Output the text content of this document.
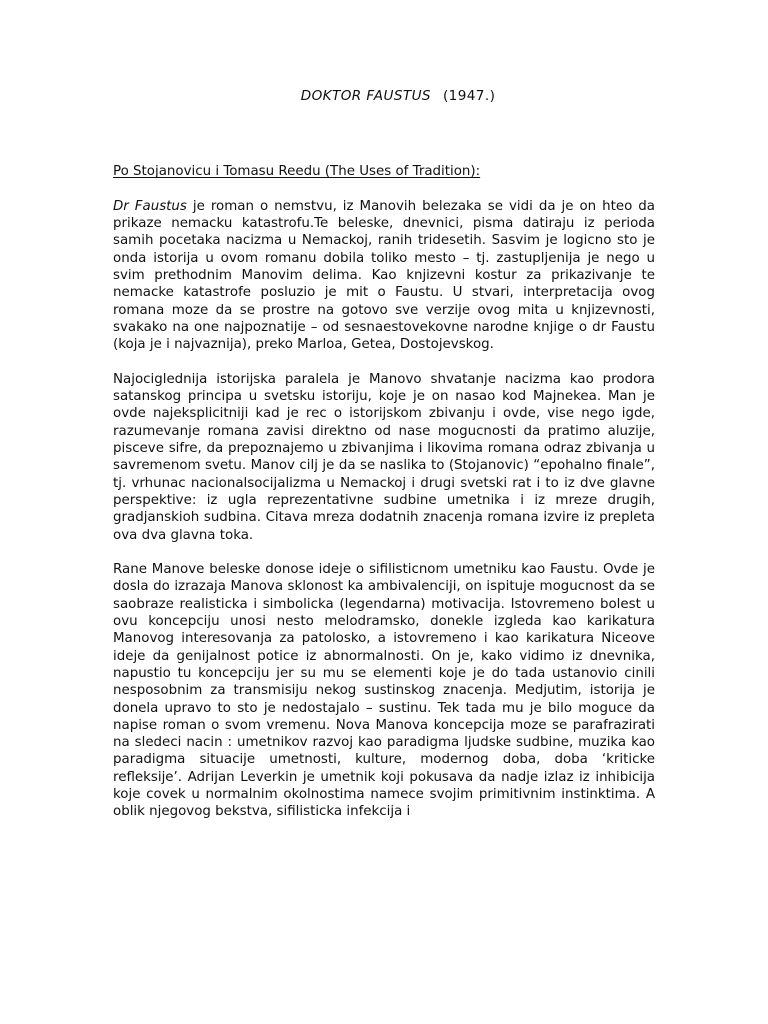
DOKTOR FAUSTUS (1947.)

Po Stojanovicu i Tomasu Reedu (The Uses of Tradition):

Dr Faustus je roman o nemstvu, iz Manovih belezaka se vidi da je on hteo da prikaze nemacku katastrofu.Te beleske, dnevnici, pisma datiraju iz perioda samih pocetaka nacizma u Nemackoj, ranih tridesetih. Sasvim je logicno sto je onda istorija u ovom romanu dobila toliko mesto – tj. zastupljenija je nego u svim prethodnim Manovim delima. Kao knjizevni kostur za prikazivanje te nemacke katastrofe posluzio je mit o Faustu. U stvari, interpretacija ovog romana moze da se prostre na gotovo sve verzije ovog mita u knjizevnosti, svakako na one najpoznatije – od sesnaestovekovne narodne knjige o dr Faustu (koja je i najvaznija), preko Marloa, Getea, Dostojevskog.

Najociglednija istorijska paralela je Manovo shvatanje nacizma kao prodora satanskog principa u svetsku istoriju, koje je on nasao kod Majnekea. Man je ovde najeksplicitniji kad je rec o istorijskom zbivanju i ovde, vise nego igde, razumevanje romana zavisi direktno od nase mogucnosti da pratimo aluzije, pisceve sifre, da prepoznajemo u zbivanjima i likovima romana odraz zbivanja u savremenom svetu. Manov cilj je da se naslika to (Stojanovic) “epohalno finale”, tj. vrhunac nacionalsocijalizma u Nemackoj i drugi svetski rat i to iz dve glavne perspektive: iz ugla reprezentativne sudbine umetnika i iz mreze drugih, gradjanskioh sudbina. Citava mreza dodatnih znacenja romana izvire iz prepleta ova dva glavna toka.

Rane Manove beleske donose ideje o sifilisticnom umetniku kao Faustu. Ovde je dosla do izrazaja Manova sklonost ka ambivalenciji, on ispituje mogucnost da se saobraze realisticka i simbolicka (legendarna) motivacija. Istovremeno bolest u ovu koncepciju unosi nesto melodramsko, donekle izgleda kao karikatura Manovog interesovanja za patolosko, a istovremeno i kao karikatura Niceove ideje da genijalnost potice iz abnormalnosti. On je, kako vidimo iz dnevnika, napustio tu koncepciju jer su mu se elementi koje je do tada ustanovio cinili nesposobnim za transmisiju nekog sustinskog znacenja. Medjutim, istorija je donela upravo to sto je nedostajalo – sustinu. Tek tada mu je bilo moguce da napise roman o svom vremenu. Nova Manova koncepcija moze se parafrazirati na sledeci nacin : umetnikov razvoj kao paradigma ljudske sudbine, muzika kao paradigma situacije umetnosti, kulture, modernog doba, doba ‘kriticke refleksije’. Adrijan Leverkin je umetnik koji pokusava da nadje izlaz iz inhibicija koje covek u normalnim okolnostima namece svojim primitivnim instinktima. A oblik njegovog bekstva, sifilisticka infekcija i
